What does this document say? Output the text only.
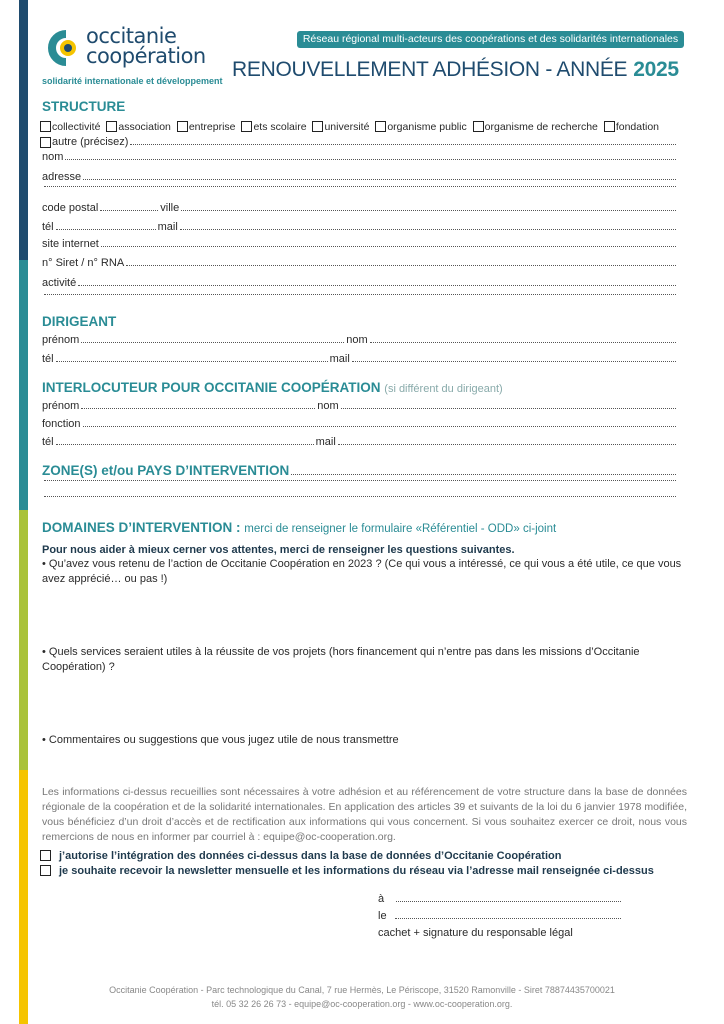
occitanie
coopération
solidarité internationale et développement
Réseau régional multi-acteurs des coopérations et des solidarités internationales
RENOUVELLEMENT ADHÉSION - ANNÉE 2025
STRUCTURE
collectivité association entreprise ets scolaire université organisme public organisme de recherche fondation
autre (précisez)
nom
adresse
code postal	ville
tél	mail
site internet
n° Siret / n° RNA
activité
DIRIGEANT
prénom	nom
tél	mail
INTERLOCUTEUR POUR OCCITANIE COOPÉRATION (si différent du dirigeant)
prénom	nom
fonction
tél	mail
ZONE(S) et/ou PAYS D’INTERVENTION
DOMAINES D’INTERVENTION : merci de renseigner le formulaire «Référentiel - ODD» ci-joint
Pour nous aider à mieux cerner vos attentes, merci de renseigner les questions suivantes.
• Qu’avez vous retenu de l’action de Occitanie Coopération en 2023 ? (Ce qui vous a intéressé, ce qui vous a été utile, ce que vous avez apprécié… ou pas !)
• Quels services seraient utiles à la réussite de vos projets (hors financement qui n’entre pas dans les missions d’Occitanie Coopération) ?
• Commentaires ou suggestions que vous jugez utile de nous transmettre
Les informations ci-dessus recueillies sont nécessaires à votre adhésion et au référencement de votre structure dans la base de données régionale de la coopération et de la solidarité internationales. En application des articles 39 et suivants de la loi du 6 janvier 1978 modifiée, vous bénéficiez d’un droit d’accès et de rectification aux informations qui vous concernent. Si vous souhaitez exercer ce droit, nous vous remercions de nous en informer par courriel à : equipe@oc-cooperation.org.
j’autorise l’intégration des données ci-dessus dans la base de données d’Occitanie Coopération
je souhaite recevoir la newsletter mensuelle et les informations du réseau via l’adresse mail renseignée ci-dessus
à
le
cachet + signature du responsable légal
Occitanie Coopération - Parc technologique du Canal, 7 rue Hermès, Le Périscope, 31520 Ramonville - Siret 78874435700021
tél. 05 32 26 26 73 - equipe@oc-cooperation.org - www.oc-cooperation.org.
